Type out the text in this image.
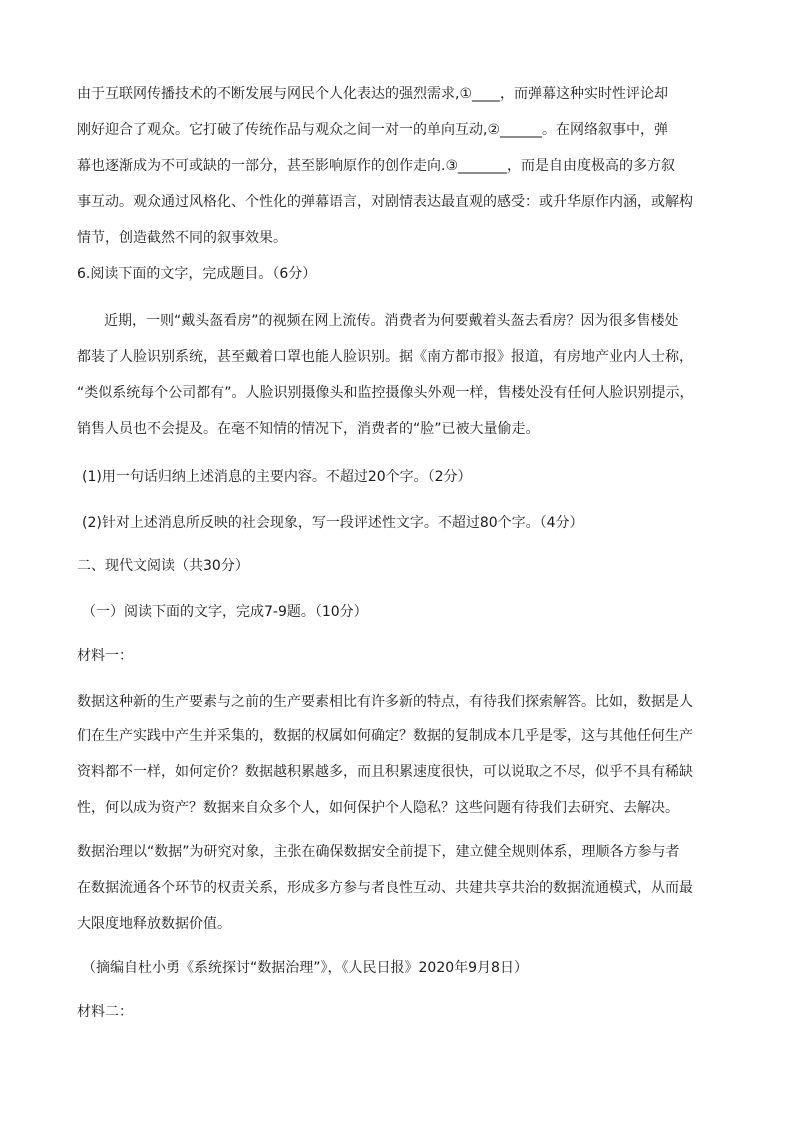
由于互联网传播技术的不断发展与网民个人化表达的强烈需求,①____，而弹幕这种实时性评论却
刚好迎合了观众。它打破了传统作品与观众之间一对一的单向互动,②______。在网络叙事中，弹
幕也逐渐成为不可或缺的一部分，甚至影响原作的创作走向.③_______，而是自由度极高的多方叙
事互动。观众通过风格化、个性化的弹幕语言，对剧情表达最直观的感受：或升华原作内涵，或解构
情节，创造截然不同的叙事效果。
6.阅读下面的文字，完成题目。（6分）
近期，一则“戴头盔看房”的视频在网上流传。消费者为何要戴着头盔去看房？因为很多售楼处
都装了人脸识别系统，甚至戴着口罩也能人脸识别。据《南方都市报》报道，有房地产业内人士称，
“类似系统每个公司都有”。人脸识别摄像头和监控摄像头外观一样，售楼处没有任何人脸识别提示，
销售人员也不会提及。在毫不知情的情况下，消费者的“脸”已被大量偷走。
(1)用一句话归纳上述消息的主要内容。不超过20个字。（2分）
(2)针对上述消息所反映的社会现象，写一段评述性文字。不超过80个字。（4分）
二、现代文阅读（共30分）
（一）阅读下面的文字，完成7-9题。（10分）
材料一：
数据这种新的生产要素与之前的生产要素相比有许多新的特点，有待我们探索解答。比如，数据是人
们在生产实践中产生并采集的，数据的权属如何确定？数据的复制成本几乎是零，这与其他任何生产
资料都不一样，如何定价？数据越积累越多，而且积累速度很快，可以说取之不尽，似乎不具有稀缺
性，何以成为资产？数据来自众多个人，如何保护个人隐私？这些问题有待我们去研究、去解决。
数据治理以“数据”为研究对象，主张在确保数据安全前提下，建立健全规则体系，理顺各方参与者
在数据流通各个环节的权责关系，形成多方参与者良性互动、共建共享共治的数据流通模式，从而最
大限度地释放数据价值。
（摘编自杜小勇《系统探讨“数据治理”》，《人民日报》2020年9月8日）
材料二：
